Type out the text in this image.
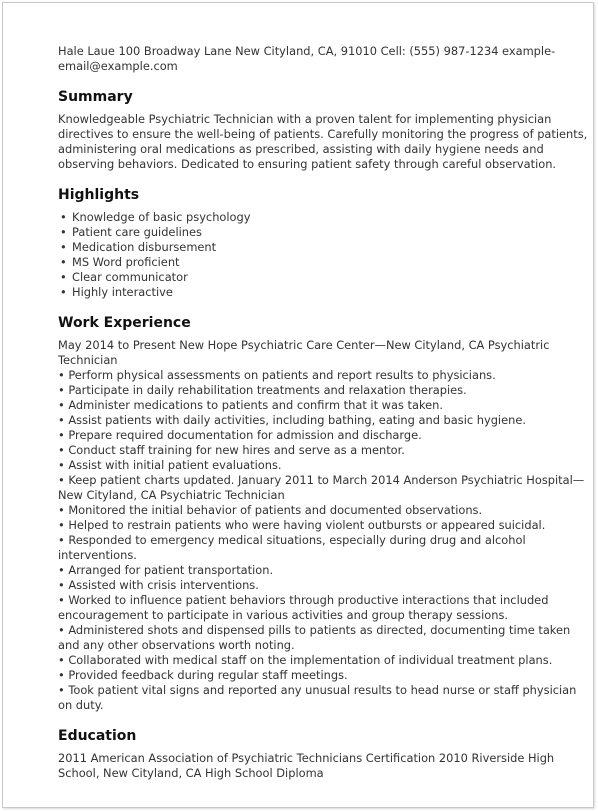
Hale Laue 100 Broadway Lane New Cityland, CA, 91010 Cell: (555) 987-1234 example-email@example.com

Summary

Knowledgeable Psychiatric Technician with a proven talent for implementing physician directives to ensure the well-being of patients. Carefully monitoring the progress of patients, administering oral medications as prescribed, assisting with daily hygiene needs and observing behaviors. Dedicated to ensuring patient safety through careful observation.

Highlights
• Knowledge of basic psychology
• Patient care guidelines
• Medication disbursement
• MS Word proficient
• Clear communicator
• Highly interactive
Work Experience

May 2014 to Present New Hope Psychiatric Care Center—New Cityland, CA Psychiatric Technician

• Perform physical assessments on patients and report results to physicians.

• Participate in daily rehabilitation treatments and relaxation therapies.

• Administer medications to patients and confirm that it was taken.

• Assist patients with daily activities, including bathing, eating and basic hygiene.

• Prepare required documentation for admission and discharge.

• Conduct staff training for new hires and serve as a mentor.

• Assist with initial patient evaluations.

• Keep patient charts updated. January 2011 to March 2014 Anderson Psychiatric Hospital—New Cityland, CA Psychiatric Technician

• Monitored the initial behavior of patients and documented observations.

• Helped to restrain patients who were having violent outbursts or appeared suicidal.

• Responded to emergency medical situations, especially during drug and alcohol interventions.

• Arranged for patient transportation.

• Assisted with crisis interventions.

• Worked to influence patient behaviors through productive interactions that included encouragement to participate in various activities and group therapy sessions.

• Administered shots and dispensed pills to patients as directed, documenting time taken and any other observations worth noting.

• Collaborated with medical staff on the implementation of individual treatment plans.

• Provided feedback during regular staff meetings.

• Took patient vital signs and reported any unusual results to head nurse or staff physician on duty.

Education

2011 American Association of Psychiatric Technicians Certification 2010 Riverside High School, New Cityland, CA High School Diploma
